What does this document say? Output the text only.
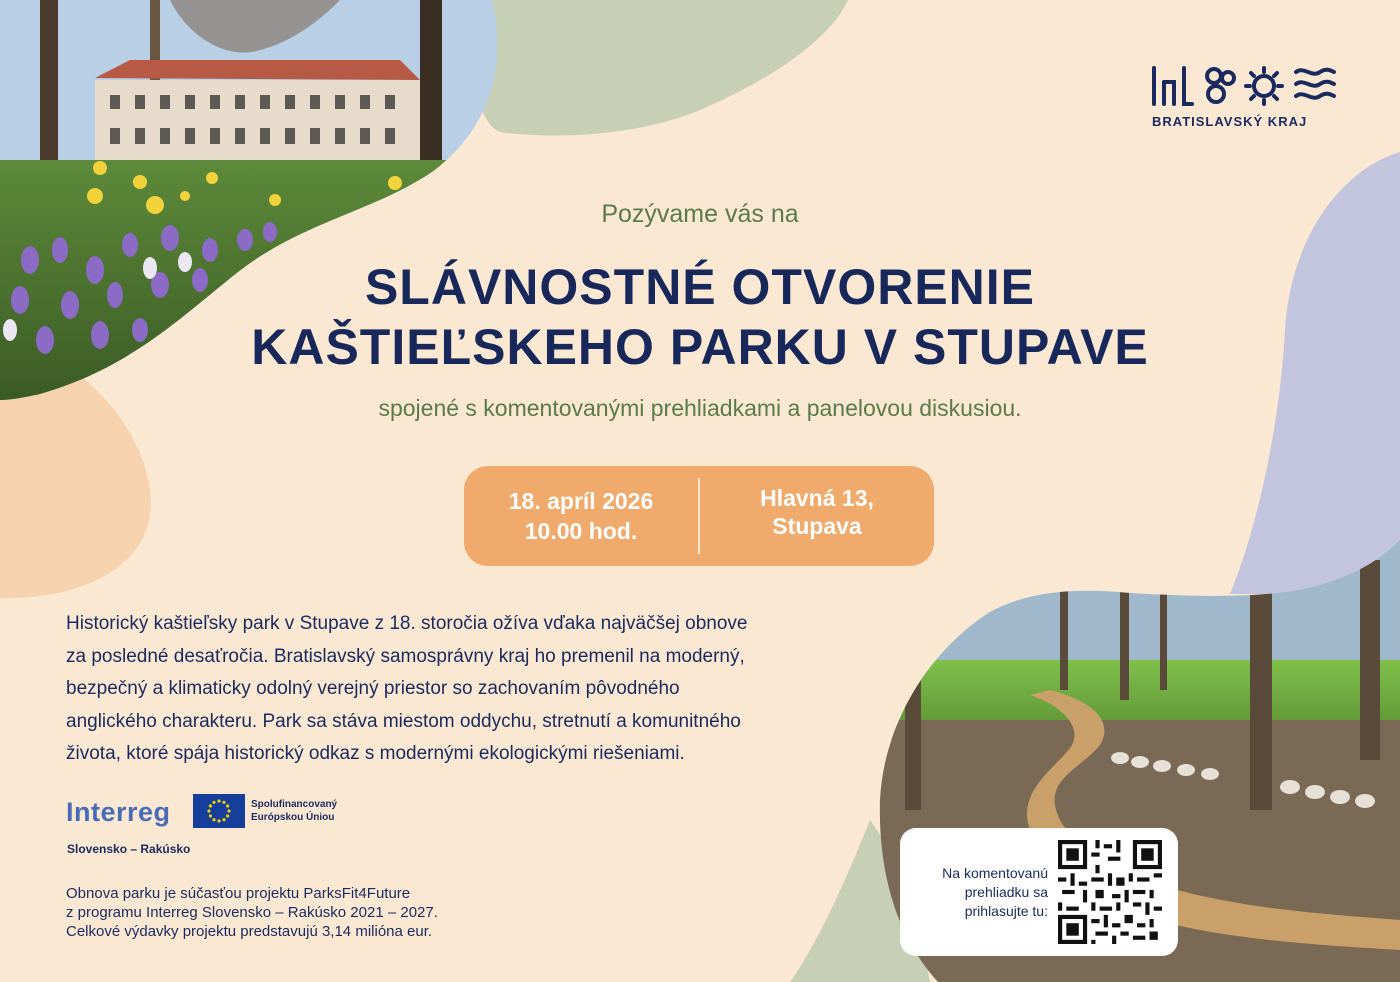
BRATISLAVSKÝ KRAJ
Pozývame vás na
SLÁVNOSTNÉ OTVORENIE
KAŠTIEĽSKEHO PARKU V STUPAVE
spojené s komentovanými prehliadkami a panelovou diskusiou.
18. apríl 2026
10.00 hod.
Hlavná 13,
Stupava
Historický kaštieľsky park v Stupave z 18. storočia ožíva vďaka najväčšej obnove
za posledné desaťročia. Bratislavský samosprávny kraj ho premenil na moderný,
bezpečný a klimaticky odolný verejný priestor so zachovaním pôvodného
anglického charakteru. Park sa stáva miestom oddychu, stretnutí a komunitného
života, ktoré spája historický odkaz s modernými ekologickými riešeniami.
Interreg	Spolufinancovaný
Európskou Úniou
Slovensko – Rakúsko
Obnova parku je súčasťou projektu ParksFit4Future
z programu Interreg Slovensko – Rakúsko 2021 – 2027.
Celkové výdavky projektu predstavujú 3,14 milióna eur.
Na komentovanú
prehliadku sa
prihlasujte tu:
